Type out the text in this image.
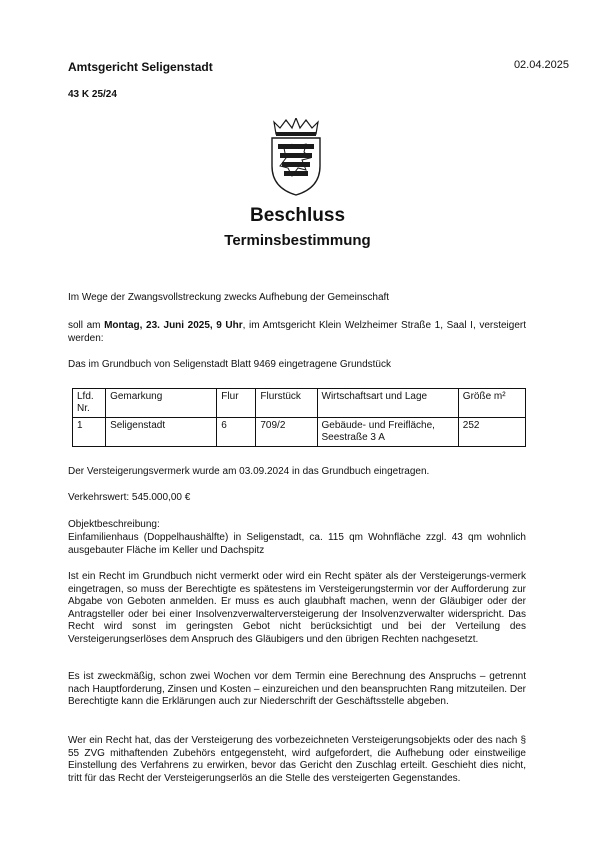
Amtsgericht Seligenstadt	02.04.2025
43 K 25/24
Beschluss
Terminsbestimmung
Im Wege der Zwangsvollstreckung zwecks Aufhebung der Gemeinschaft
soll am Montag, 23. Juni 2025, 9 Uhr, im Amtsgericht Klein Welzheimer Straße 1, Saal I, versteigert werden:
Das im Grundbuch von Seligenstadt Blatt 9469 eingetragene Grundstück
Lfd. Nr.	Gemarkung	Flur	Flurstück	Wirtschaftsart und Lage	Größe m²
1	Seligenstadt	6	709/2	Gebäude- und Freifläche, Seestraße 3 A	252
Der Versteigerungsvermerk wurde am 03.09.2024 in das Grundbuch eingetragen.
Verkehrswert: 545.000,00 €
Objektbeschreibung:
Einfamilienhaus (Doppelhaushälfte) in Seligenstadt, ca. 115 qm Wohnfläche zzgl. 43 qm wohnlich ausgebauter Fläche im Keller und Dachspitz
Ist ein Recht im Grundbuch nicht vermerkt oder wird ein Recht später als der Versteigerungs-vermerk eingetragen, so muss der Berechtigte es spätestens im Versteigerungstermin vor der Aufforderung zur Abgabe von Geboten anmelden. Er muss es auch glaubhaft machen, wenn der Gläubiger oder der Antragsteller oder bei einer Insolvenzverwalterversteigerung der Insolvenzverwalter widerspricht. Das Recht wird sonst im geringsten Gebot nicht berücksichtigt und bei der Verteilung des Versteigerungserlöses dem Anspruch des Gläubigers und den übrigen Rechten nachgesetzt.
Es ist zweckmäßig, schon zwei Wochen vor dem Termin eine Berechnung des Anspruchs – getrennt nach Hauptforderung, Zinsen und Kosten – einzureichen und den beanspruchten Rang mitzuteilen. Der Berechtigte kann die Erklärungen auch zur Niederschrift der Geschäftsstelle abgeben.
Wer ein Recht hat, das der Versteigerung des vorbezeichneten Versteigerungsobjekts oder des nach § 55 ZVG mithaftenden Zubehörs entgegensteht, wird aufgefordert, die Aufhebung oder einstweilige Einstellung des Verfahrens zu erwirken, bevor das Gericht den Zuschlag erteilt. Geschieht dies nicht, tritt für das Recht der Versteigerungserlös an die Stelle des versteigerten Gegenstandes.
